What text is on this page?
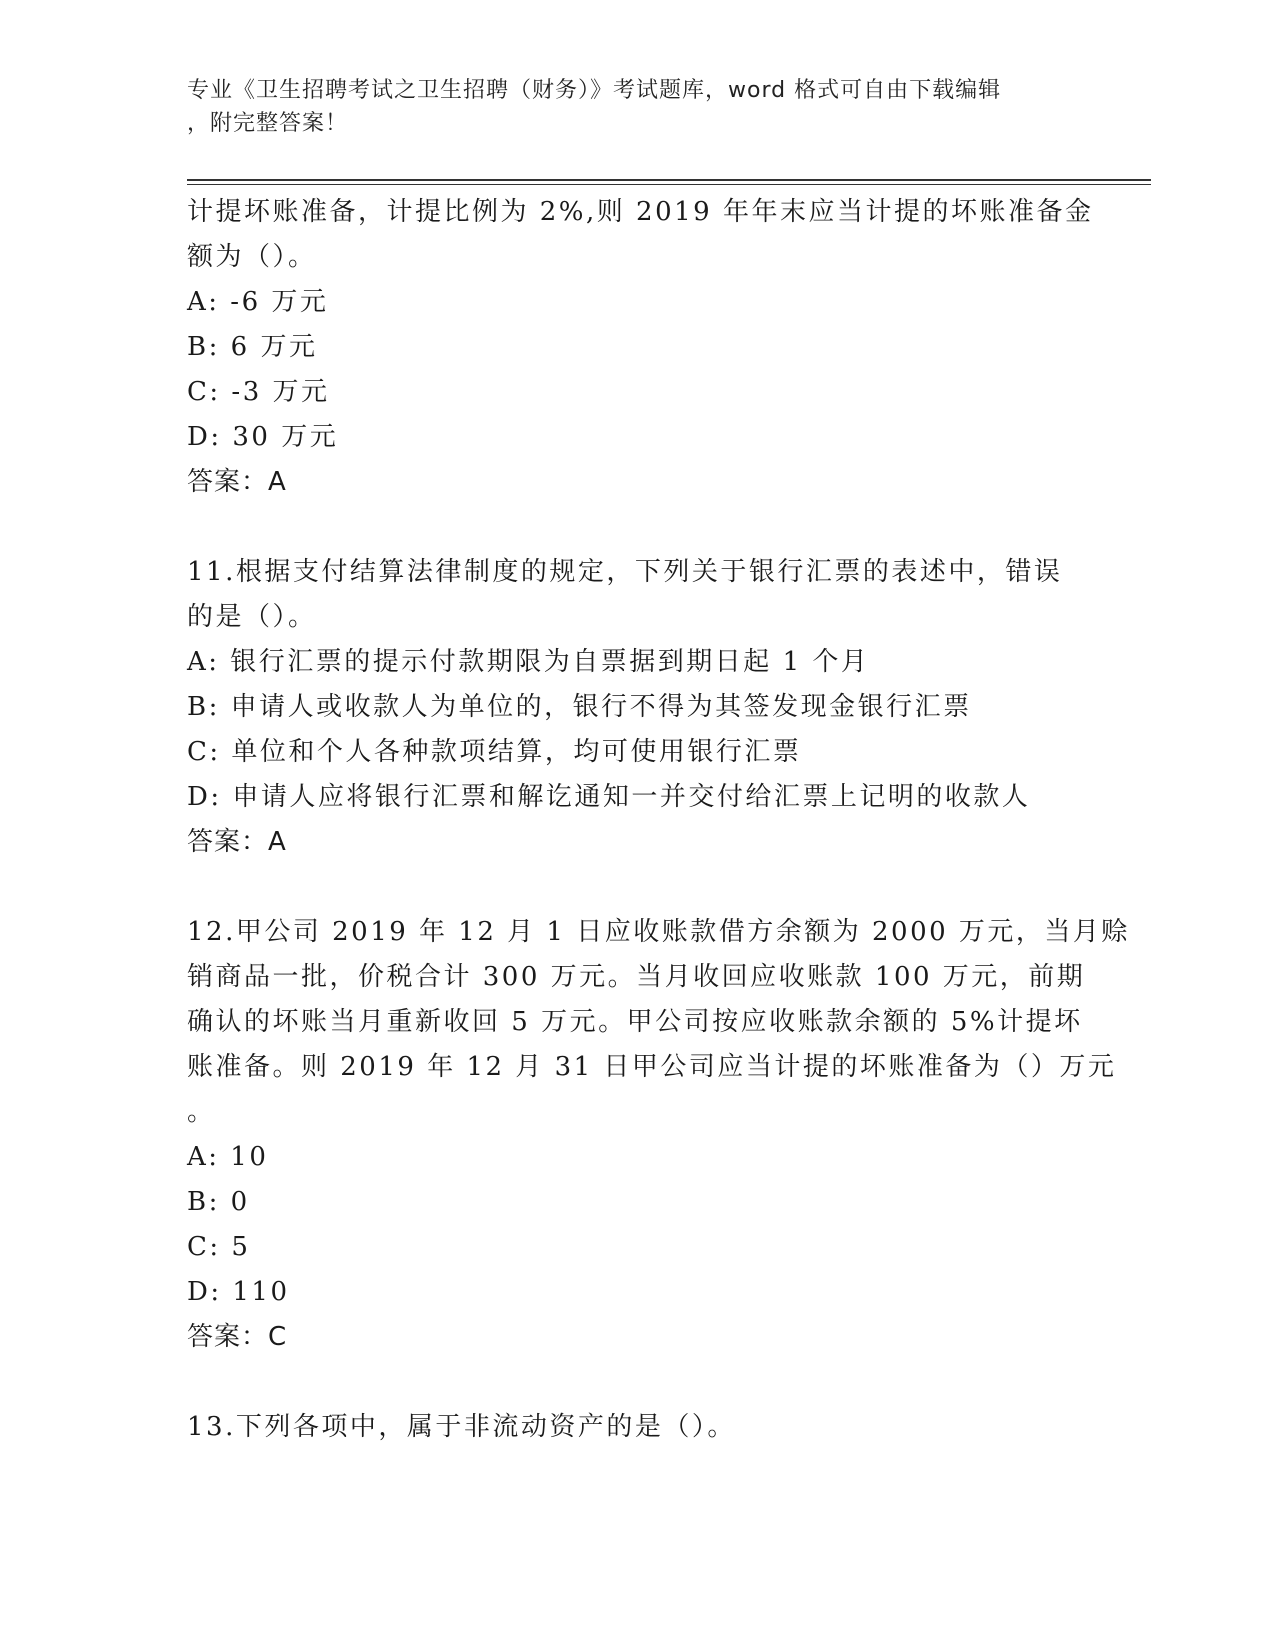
专业《卫生招聘考试之卫生招聘（财务）》考试题库，word 格式可自由下载编辑
，附完整答案！
计提坏账准备，计提比例为 2%,则 2019 年年末应当计提的坏账准备金
额为（）。
A: -6 万元
B: 6 万元
C: -3 万元
D: 30 万元
答案：A
11.根据支付结算法律制度的规定，下列关于银行汇票的表述中，错误
的是（）。
A: 银行汇票的提示付款期限为自票据到期日起 1 个月
B: 申请人或收款人为单位的，银行不得为其签发现金银行汇票
C: 单位和个人各种款项结算，均可使用银行汇票
D: 申请人应将银行汇票和解讫通知一并交付给汇票上记明的收款人
答案：A
12.甲公司 2019 年 12 月 1 日应收账款借方余额为 2000 万元，当月赊
销商品一批，价税合计 300 万元。当月收回应收账款 100 万元，前期
确认的坏账当月重新收回 5 万元。甲公司按应收账款余额的 5%计提坏
账准备。则 2019 年 12 月 31 日甲公司应当计提的坏账准备为（）万元
。
A: 10
B: 0
C: 5
D: 110
答案：C
13.下列各项中，属于非流动资产的是（）。
